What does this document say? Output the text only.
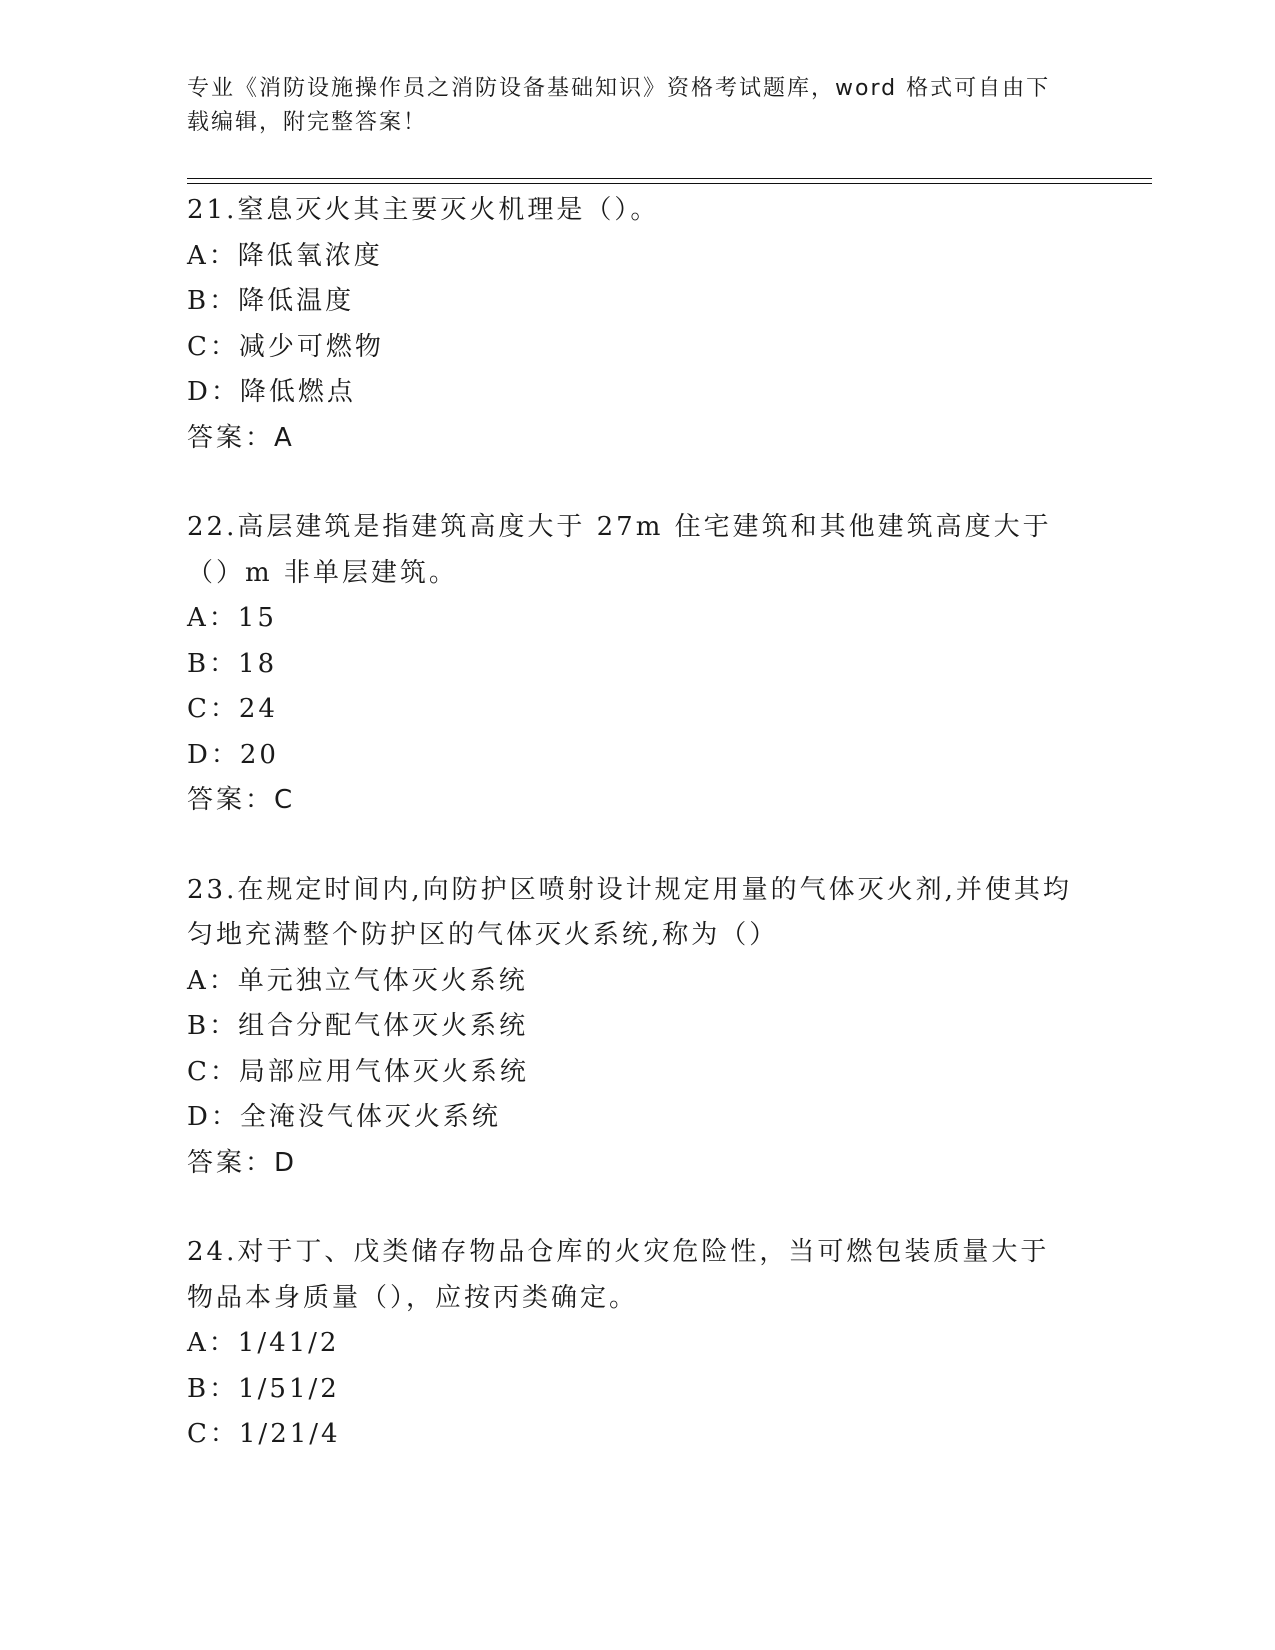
专业《消防设施操作员之消防设备基础知识》资格考试题库，word 格式可自由下
载编辑，附完整答案！
21.窒息灭火其主要灭火机理是（）。
A：降低氧浓度
B：降低温度
C：减少可燃物
D：降低燃点
答案：A
22.高层建筑是指建筑高度大于 27m 住宅建筑和其他建筑高度大于（）m 非单层建筑。
A：15
B：18
C：24
D：20
答案：C
23.在规定时间内,向防护区喷射设计规定用量的气体灭火剂,并使其均匀地充满整个防护区的气体灭火系统,称为（）
A：单元独立气体灭火系统
B：组合分配气体灭火系统
C：局部应用气体灭火系统
D：全淹没气体灭火系统
答案：D
24.对于丁、戊类储存物品仓库的火灾危险性，当可燃包装质量大于物品本身质量（），应按丙类确定。
A：1/41/2
B：1/51/2
C：1/21/4
